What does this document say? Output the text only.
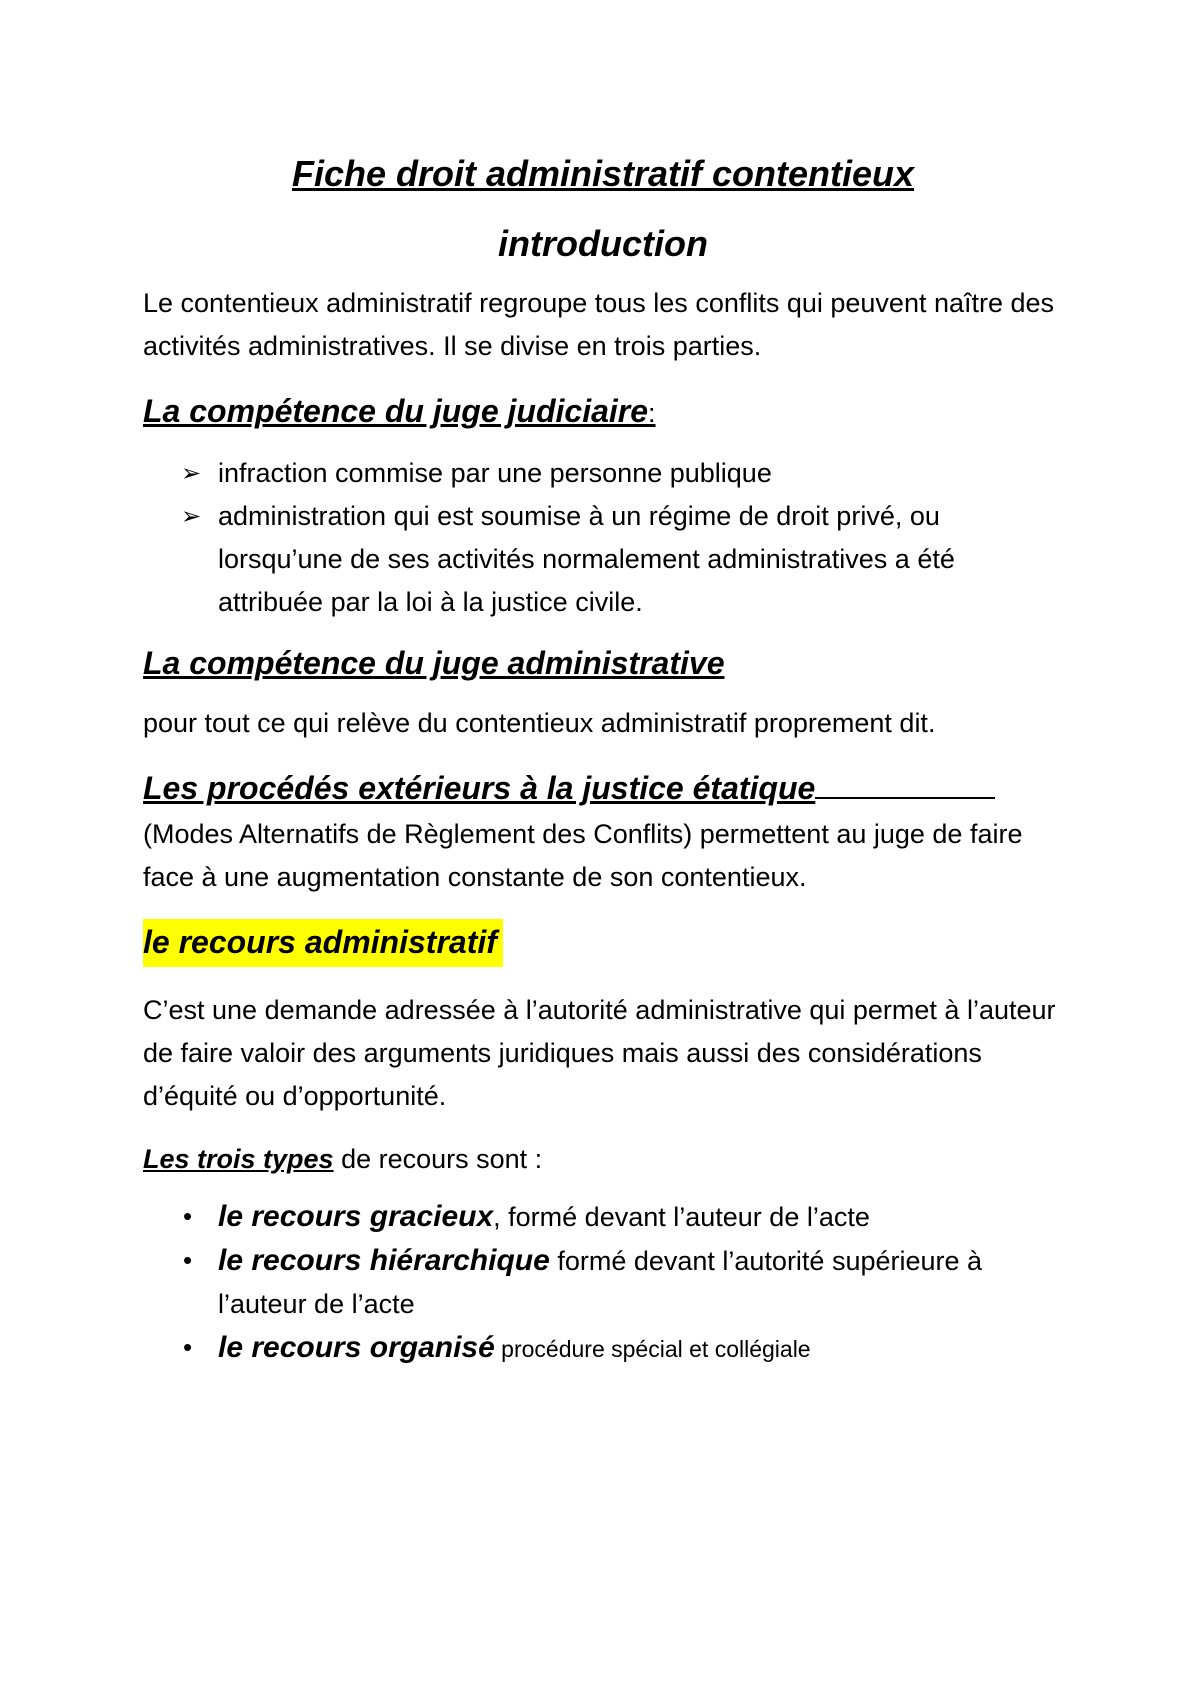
Fiche droit administratif contentieux
introduction

Le contentieux administratif regroupe tous les conflits qui peuvent naître des activités administratives. Il se divise en trois parties.

La compétence du juge judiciaire:
➢ infraction commise par une personne publique
➢ administration qui est soumise à un régime de droit privé, ou lorsqu’une de ses activités normalement administratives a été attribuée par la loi à la justice civile.
La compétence du juge administrative

pour tout ce qui relève du contentieux administratif proprement dit.

Les procédés extérieurs à la justice étatique

(Modes Alternatifs de Règlement des Conflits) permettent au juge de faire face à une augmentation constante de son contentieux.

le recours administratif

C’est une demande adressée à l’autorité administrative qui permet à l’auteur de faire valoir des arguments juridiques mais aussi des considérations d’équité ou d’opportunité.

Les trois types de recours sont :

• le recours gracieux, formé devant l’auteur de l’acte
• le recours hiérarchique formé devant l’autorité supérieure à l’auteur de l’acte
• le recours organisé procédure spécial et collégiale
